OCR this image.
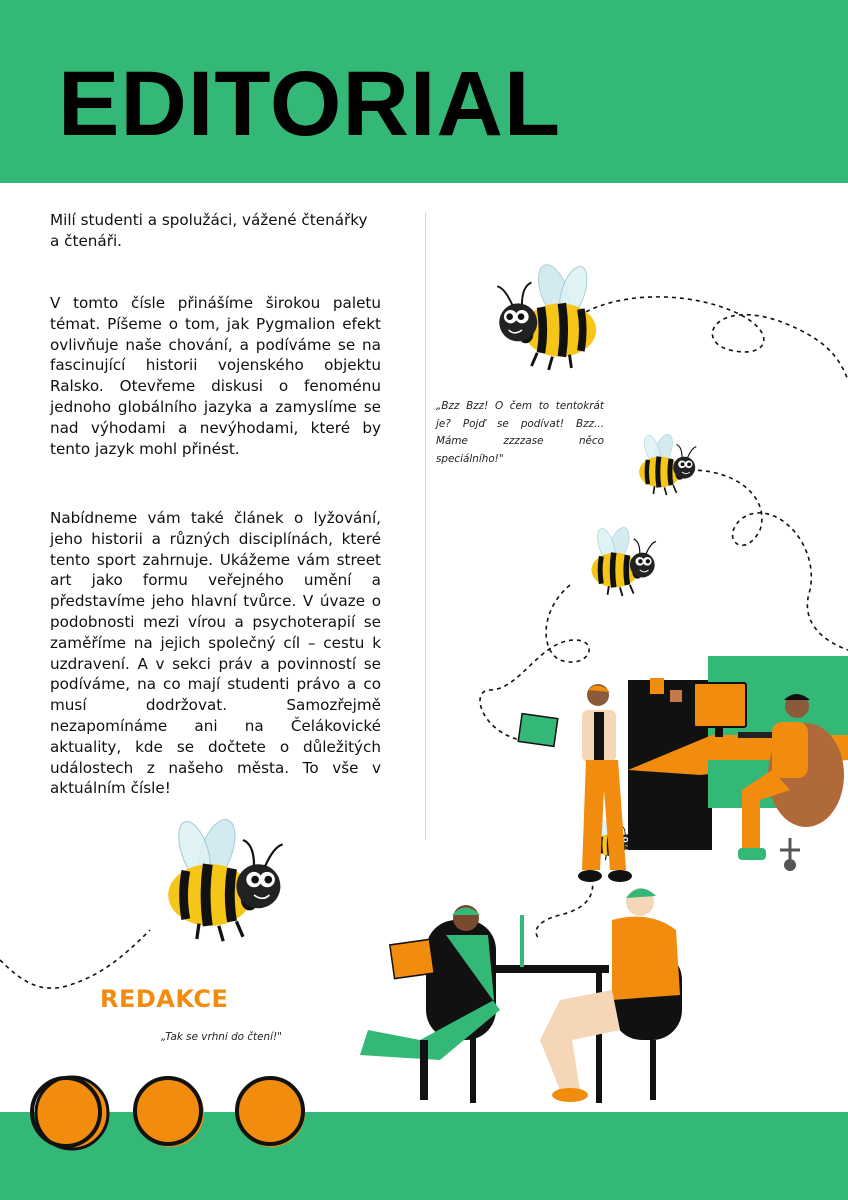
EDITORIAL
Milí studenti a spolužáci, vážené čtenářky a čtenáři.
V tomto čísle přinášíme širokou paletu témat. Píšeme o tom, jak Pygmalion efekt ovlivňuje naše chování, a podíváme se na fascinující historii vojenského objektu Ralsko. Otevřeme diskusi o fenoménu jednoho globálního jazyka a zamyslíme se nad výhodami a nevýhodami, které by tento jazyk mohl přinést.
Nabídneme vám také článek o lyžování, jeho historii a různých disciplínách, které tento sport zahrnuje. Ukážeme vám street art jako formu veřejného umění a představíme jeho hlavní tvůrce. V úvaze o podobnosti mezi vírou a psychoterapií se zaměříme na jejich společný cíl – cestu k uzdravení. A v sekci práv a povinností se podíváme, na co mají studenti právo a co musí dodržovat. Samozřejmě nezapomínáme ani na Čelákovické aktuality, kde se dočtete o důležitých událostech z našeho města. To vše v aktuálním čísle!
„Bzz Bzz! O čem to tentokrát je? Pojď se podívat! Bzz... Máme zzzzase něco speciálního!"
REDAKCE
„Tak se vrhni do čtení!"
